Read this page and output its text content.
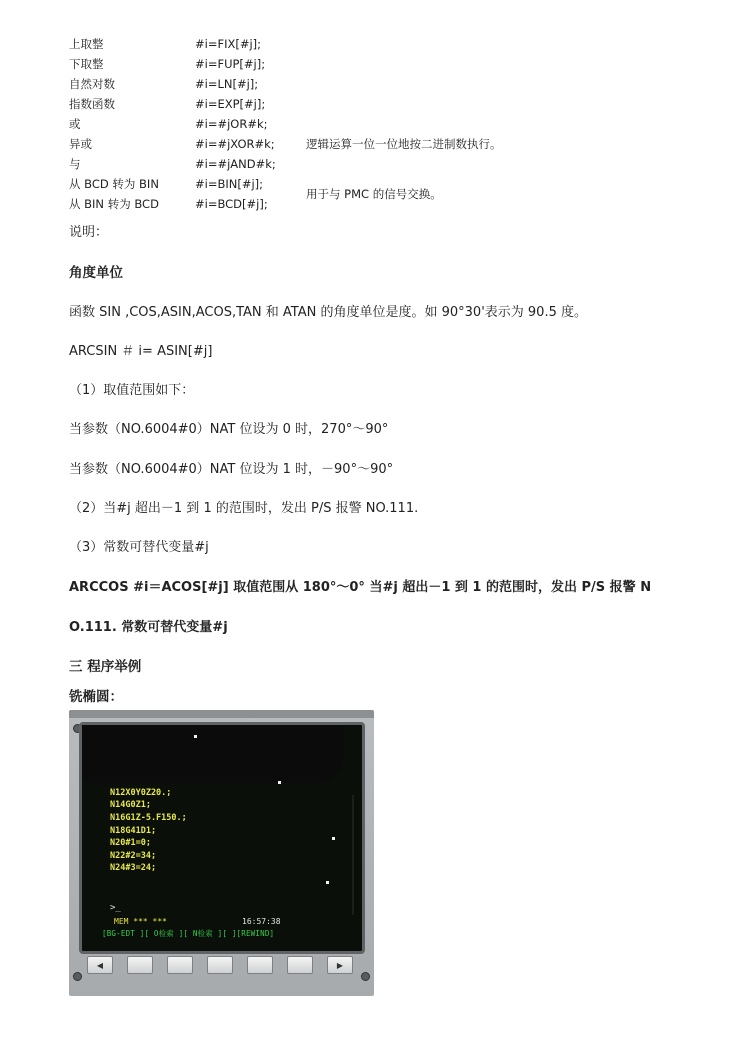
上取整	#i=FIX[#j];
下取整	#i=FUP[#j];
自然对数	#i=LN[#j];
指数函数	#i=EXP[#j];
或	#i=#jOR#k;
异或	#i=#jXOR#k;	逻辑运算一位一位地按二进制数执行。
与	#i=#jAND#k;
从 BCD 转为 BIN	#i=BIN[#j];
从 BIN 转为 BCD	#i=BCD[#j];
用于与 PMC 的信号交换。
说明：
角度单位
函数 SIN ,COS,ASIN,ACOS,TAN 和 ATAN 的角度单位是度。如 90°30'表示为 90.5 度。
ARCSIN ＃ i= ASIN[#j]
（1）取值范围如下：
当参数（NO.6004#0）NAT 位设为 0 时，270°～90°
当参数（NO.6004#0）NAT 位设为 1 时，－90°～90°
（2）当#j 超出－1 到 1 的范围时，发出 P/S 报警 NO.111.
（3）常数可替代变量#j
ARCCOS #i＝ACOS[#j] 取值范围从 180°～0° 当#j 超出－1 到 1 的范围时，发出 P/S 报警 N
O.111. 常数可替代变量#j
三 程序举例
铣椭圆：
N12X0Y0Z20.;
N14G0Z1;
N16G1Z-5.F150.;
N18G41D1;
N20#1=0;
N22#2=34;
N24#3=24;
>_
MEM *** ***	16:57:38
[BG-EDT ][ O检索 ][ N检索 ][ ][REWIND]
◀	▶
